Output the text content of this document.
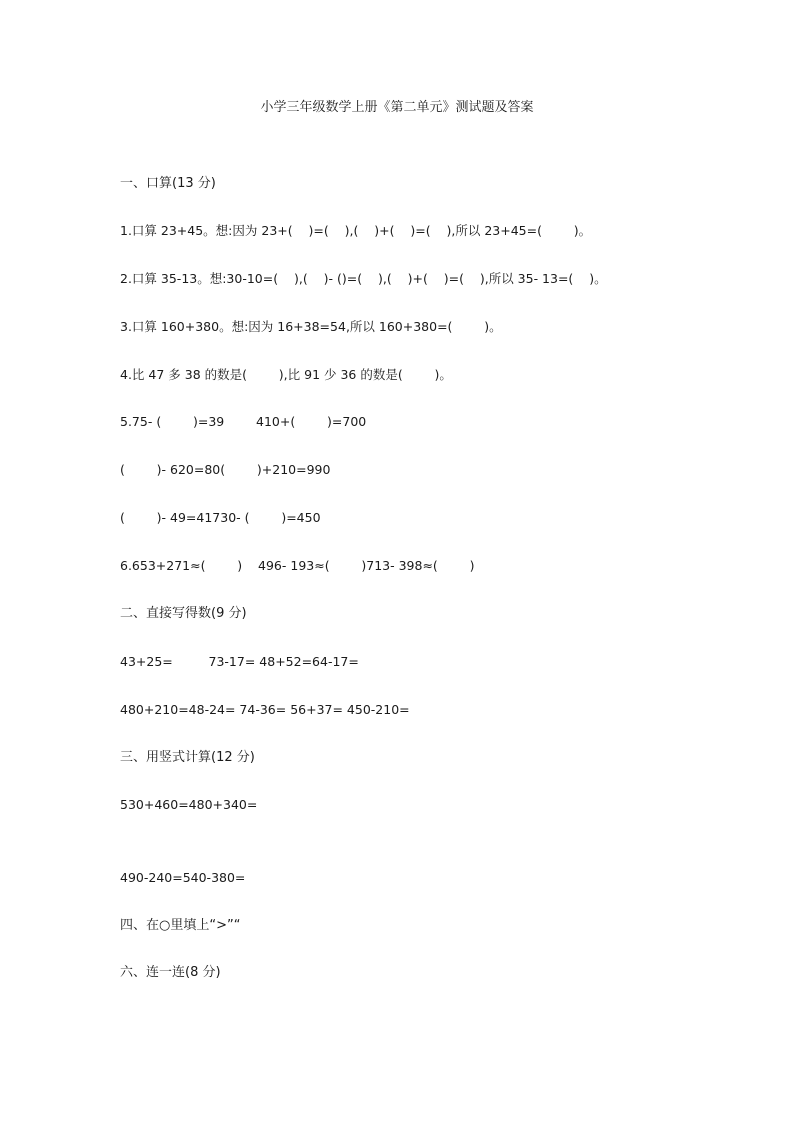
小学三年级数学上册《第二单元》测试题及答案
一、口算(13 分)
1.口算 23+45。想:因为 23+(    )=(    ),(    )+(    )=(    ),所以 23+45=(        )。
2.口算 35-13。想:30-10=(    ),(    )- ()=(    ),(    )+(    )=(    ),所以 35- 13=(    )。
3.口算 160+380。想:因为 16+38=54,所以 160+380=(        )。
4.比 47 多 38 的数是(        ),比 91 少 36 的数是(        )。
5.75- (        )=39        410+(        )=700
(        )- 620=80(        )+210=990
(        )- 49=41730- (        )=450
6.653+271≈(        )    496- 193≈(        )713- 398≈(        )
二、直接写得数(9 分)
43+25=         73-17= 48+52=64-17=
480+210=48-24= 74-36= 56+37= 450-210=
三、用竖式计算(12 分)
530+460=480+340=
490-240=540-380=
四、在○里填上“>”“
六、连一连(8 分)
